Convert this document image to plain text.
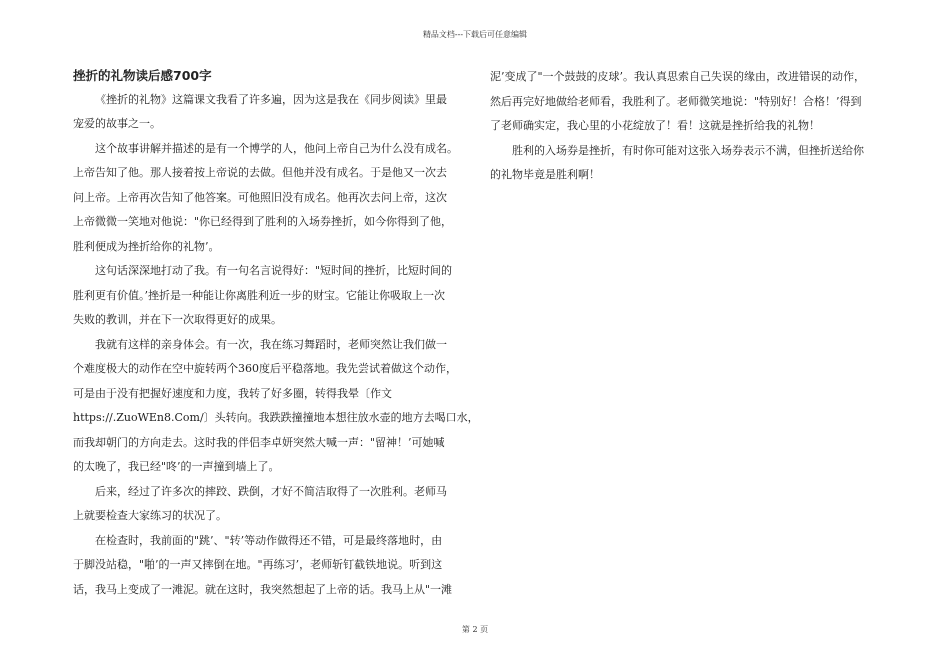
精品文档---下载后可任意编辑
挫折的礼物读后感700字
《挫折的礼物》这篇课文我看了许多遍，因为这是我在《同步阅读》里最
宠爱的故事之一。
这个故事讲解并描述的是有一个博学的人，他问上帝自己为什么没有成名。
上帝告知了他。那人接着按上帝说的去做。但他并没有成名。于是他又一次去
问上帝。上帝再次告知了他答案。可他照旧没有成名。他再次去问上帝，这次
上帝微微一笑地对他说："你已经得到了胜利的入场券挫折，如今你得到了他，
胜利便成为挫折给你的礼物’。
这句话深深地打动了我。有一句名言说得好："短时间的挫折，比短时间的
胜利更有价值。’挫折是一种能让你离胜利近一步的财宝。它能让你吸取上一次
失败的教训，并在下一次取得更好的成果。
我就有这样的亲身体会。有一次，我在练习舞蹈时，老师突然让我们做一
个难度极大的动作在空中旋转两个360度后平稳落地。我先尝试着做这个动作，
可是由于没有把握好速度和力度，我转了好多圈，转得我晕〔作文
https://.ZuoWEn8.Com/〕头转向。我跌跌撞撞地本想往放水壶的地方去喝口水，
而我却朝门的方向走去。这时我的伴侣李卓妍突然大喊一声："留神！’可她喊
的太晚了，我已经"咚’的一声撞到墙上了。
后来，经过了许多次的摔跤、跌倒，才好不简洁取得了一次胜利。老师马
上就要检查大家练习的状况了。
在检查时，我前面的"跳’、"转’等动作做得还不错，可是最终落地时，由
于脚没站稳，"啪’的一声又摔倒在地。"再练习’，老师斩钉截铁地说。听到这
话，我马上变成了一滩泥。就在这时，我突然想起了上帝的话。我马上从"一滩
泥’变成了"一个鼓鼓的皮球’。我认真思索自己失误的缘由，改进错误的动作，
然后再完好地做给老师看，我胜利了。老师微笑地说："特别好！合格！’得到
了老师确实定，我心里的小花绽放了！看！这就是挫折给我的礼物！
胜利的入场券是挫折，有时你可能对这张入场券表示不满，但挫折送给你
的礼物毕竟是胜利啊！
第 2 页
